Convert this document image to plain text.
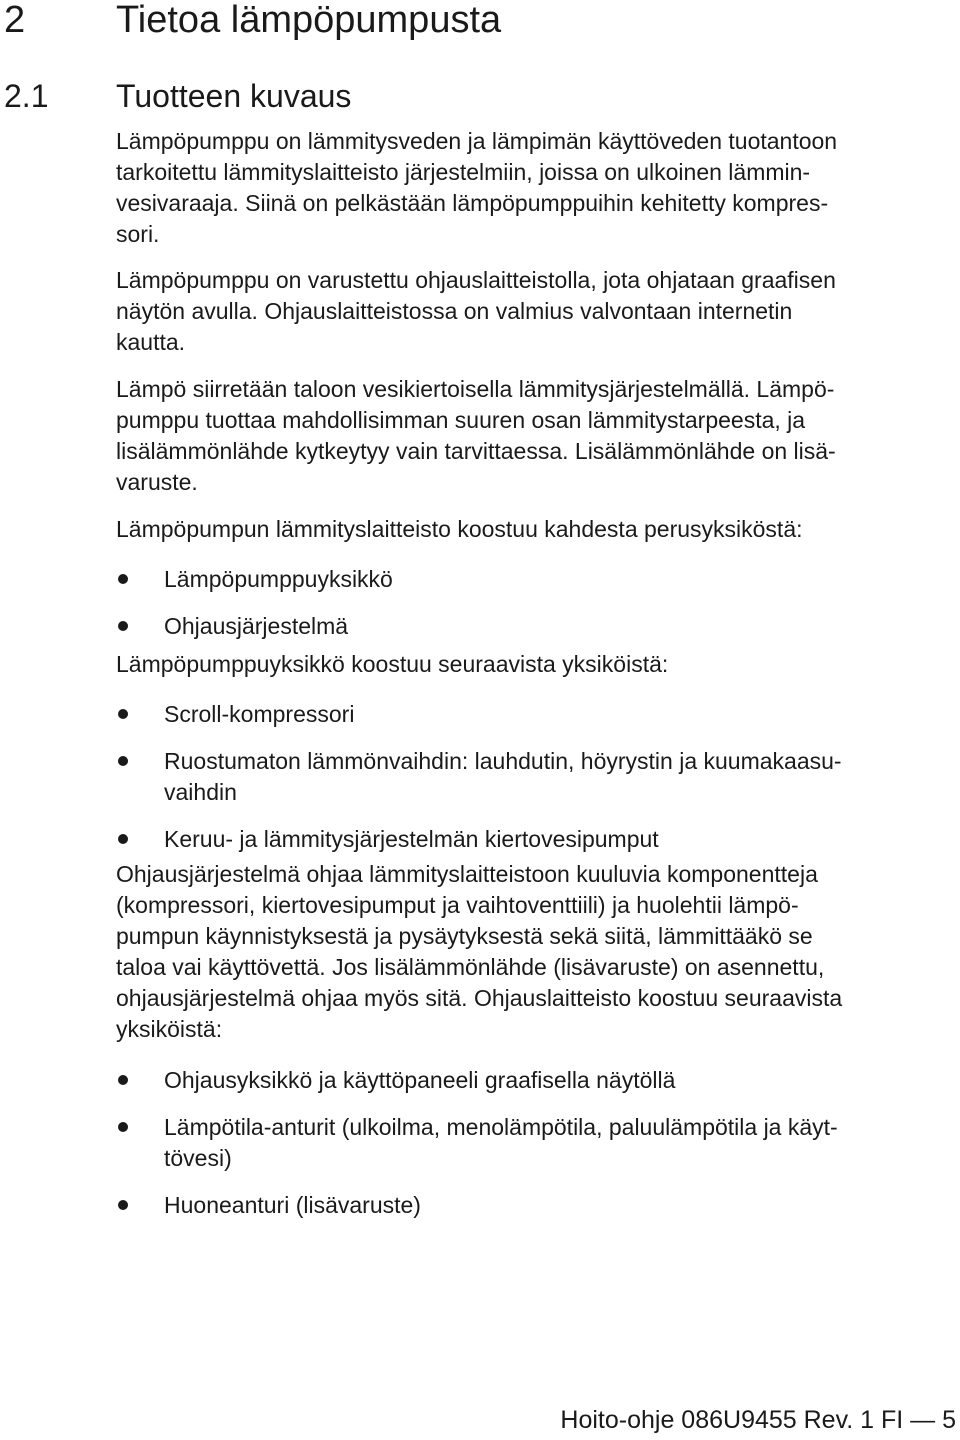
2 Tietoa lämpöpumpusta
2.1 Tuotteen kuvaus
Lämpöpumppu on lämmitysveden ja lämpimän käyttöveden tuotantoon
tarkoitettu lämmityslaitteisto järjestelmiin, joissa on ulkoinen lämmin-
vesivaraaja. Siinä on pelkästään lämpöpumppuihin kehitetty kompres-
sori.
Lämpöpumppu on varustettu ohjauslaitteistolla, jota ohjataan graafisen
näytön avulla. Ohjauslaitteistossa on valmius valvontaan internetin
kautta.
Lämpö siirretään taloon vesikiertoisella lämmitysjärjestelmällä. Lämpö-
pumppu tuottaa mahdollisimman suuren osan lämmitystarpeesta, ja
lisälämmönlähde kytkeytyy vain tarvittaessa. Lisälämmönlähde on lisä-
varuste.
Lämpöpumpun lämmityslaitteisto koostuu kahdesta perusyksiköstä:
Lämpöpumppuyksikkö
Ohjausjärjestelmä
Lämpöpumppuyksikkö koostuu seuraavista yksiköistä:
Scroll-kompressori
Ruostumaton lämmönvaihdin: lauhdutin, höyrystin ja kuumakaasu-
vaihdin
Keruu- ja lämmitysjärjestelmän kiertovesipumput
Ohjausjärjestelmä ohjaa lämmityslaitteistoon kuuluvia komponentteja
(kompressori, kiertovesipumput ja vaihtoventtiili) ja huolehtii lämpö-
pumpun käynnistyksestä ja pysäytyksestä sekä siitä, lämmittääkö se
taloa vai käyttövettä. Jos lisälämmönlähde (lisävaruste) on asennettu,
ohjausjärjestelmä ohjaa myös sitä. Ohjauslaitteisto koostuu seuraavista
yksiköistä:
Ohjausyksikkö ja käyttöpaneeli graafisella näytöllä
Lämpötila-anturit (ulkoilma, menolämpötila, paluulämpötila ja käyt-
tövesi)
Huoneanturi (lisävaruste)
Hoito-ohje 086U9455 Rev. 1 FI — 5
